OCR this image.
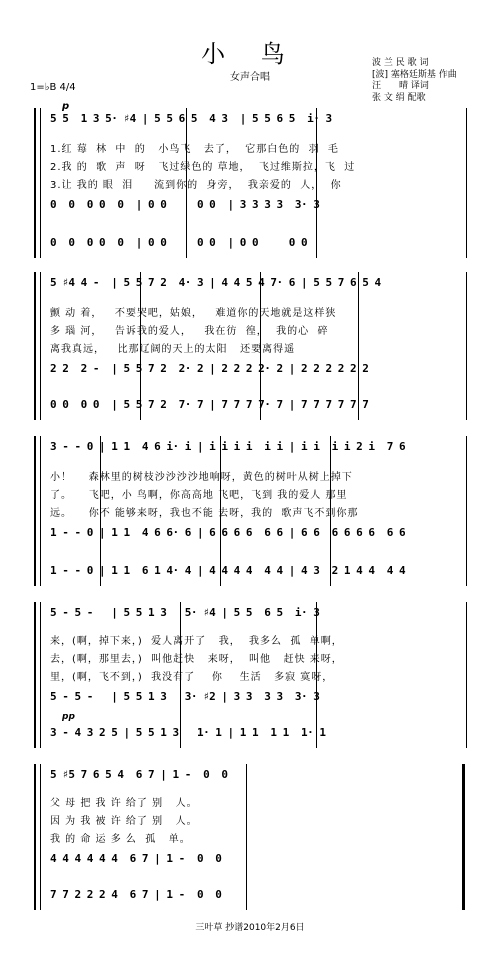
小 鸟
女声合唱
波 兰 民 歌 词
[波] 塞格廷斯基 作曲
汪　　晴 译词
张 文 绢 配歌
1=♭B 4/4
p
5 5  1 3 5· ♯4 | 5 5 6 5  4 3  | 5 5 6 5  i· 3
1.红 莓  林  中  的   小鸟飞   去了，  它那白色的  羽  毛
2.我 的  歌  声  呀   飞过绿色的 草地，  飞过维斯拉，飞  过
3.让 我的 眼  泪     流到你的  身旁，  我亲爱的  人，  你
0  0  0 0  0  | 0 0     0 0  | 3 3 3 3  3· 3
0  0  0 0  0  | 0 0     0 0  | 0 0     0 0
5 ♯4 4 -  | 5 5 7 2  4· 3 | 4 4 5 4 7· 6 | 5 5 7 6 5 4
颤 动 着，   不要哭吧，姑娘，   难道你的天地就是这样狭
多 瑙 河，   告诉我的爱人，   我在彷  徨，  我的心  碎
离我真远，   比那辽阔的天上的太阳   还要离得遥
2 2  2 -  | 5 5 7 2  2· 2 | 2 2 2 2· 2 | 2 2 2 2 2 2
0 0  0 0  | 5 5 7 2  7· 7 | 7 7 7 7· 7 | 7 7 7 7 7 7
3 - - 0 | 1 1  4 6 i· i | i i i i  i i | i i  i i 2 i  7 6
小！    森林里的树枝沙沙沙沙地响呀，黄色的树叶从树上掉下
了。    飞吧，小 鸟啊，你高高地 飞吧，飞到 我的爱人 那里
远。    你不 能够来呀，我也不能 去呀，我的  歌声飞不到你那
1 - - 0 | 1 1  4 6 6· 6 | 6 6 6 6  6 6 | 6 6  6 6 6 6  6 6
1 - - 0 | 1 1  6 1 4· 4 | 4 4 4 4  4 4 | 4 3  2 1 4 4  4 4
5 - 5 -   | 5 5 1 3   5· ♯4 | 5 5  6 5  i· 3
来，(啊，掉下来，)  爱人离开了   我，  我多么  孤  单啊，
去，(啊，那里去，)  叫他赶快   来呀，  叫他   赶快 来呀，
里，(啊，飞不到，)  我没有了    你    生活   多寂 寞呀，
5 - 5 -   | 5 5 1 3   3· ♯2 | 3 3  3 3  3· 3
pp
3 - 4 3 2 5 | 5 5 1 3   1· 1 | 1 1  1 1  1· 1
5 ♯5 7 6 5 4  6 7 | 1 -  0  0
父 母 把 我 许 给了 别   人。
因 为 我 被 许 给了 别   人。
我 的 命 运 多 么  孤   单。
4 4 4 4 4 4  6 7 | 1 -  0  0
7 7 2 2 2 4  6 7 | 1 -  0  0
三叶草 抄谱2010年2月6日
